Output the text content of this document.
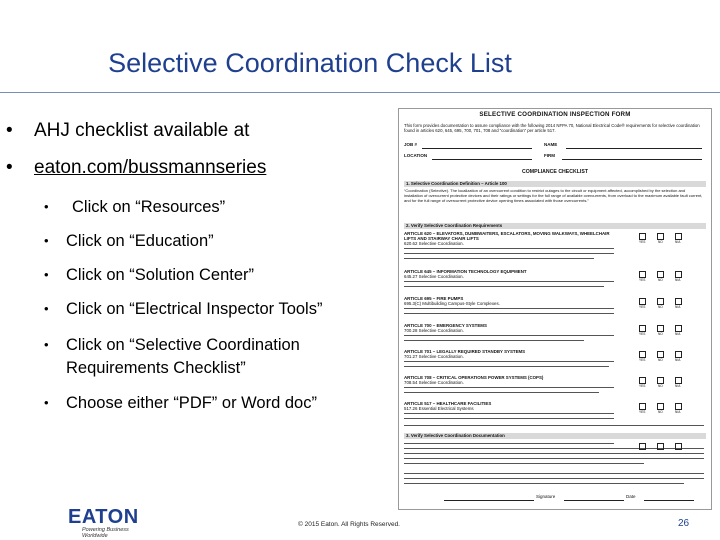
Selective Coordination Check List
• AHJ checklist available at
• eaton.com/bussmannseries
• Click on “Resources”
• Click on “Education”
• Click on “Solution Center”
• Click on “Electrical Inspector Tools”
• Click on “Selective Coordination
Requirements Checklist”
• Choose either “PDF” or Word doc”
SELECTIVE COORDINATION INSPECTION FORM
This form provides documentation to assure compliance with the following 2014 NFPA 70, National Electrical Code® requirements for selective coordination found in articles 620, 645, 695, 700, 701, 708 and “coordination” per article 517.
JOB #	NAME
LOCATION	FIRM
COMPLIANCE CHECKLIST
1. Selective Coordination Definition – Article 100
“Coordination (Selective). The localization of an overcurrent condition to restrict outages to the circuit or equipment affected, accomplished by the selection and installation of overcurrent protective devices and their ratings or settings for the full range of available overcurrents, from overload to the maximum available fault current, and for the full range of overcurrent protective device opening times associated with those overcurrents.”
2. Verify Selective Coordination Requirements
ARTICLE 620 – ELEVATORS, DUMBWAITERS, ESCALATORS, MOVING WALKWAYS, WHEELCHAIR LIFTS AND STAIRWAY CHAIR LIFTS
620.62 Selective Coordination.	YES	NO	N/A
ARTICLE 645 – INFORMATION TECHNOLOGY EQUIPMENT
645.27 Selective Coordination.
YES	NO	N/A
ARTICLE 695 – FIRE PUMPS
695.3(C) Multibuilding Campus-Style Complexes.
YES	NO	N/A
ARTICLE 700 – EMERGENCY SYSTEMS
700.28 Selective Coordination.
YES	NO	N/A
ARTICLE 701 – LEGALLY REQUIRED STANDBY SYSTEMS
701.27 Selective Coordination.
YES	NO	N/A
ARTICLE 708 – CRITICAL OPERATIONS POWER SYSTEMS (COPS)
708.54 Selective Coordination.
YES	NO	N/A
ARTICLE 517 – HEALTHCARE FACILITIES
517.26 Essential Electrical Systems
YES	NO	N/A
3. Verify Selective Coordination Documentation
Signature	Date
EATON
Powering Business Worldwide
© 2015 Eaton. All Rights Reserved.	26
